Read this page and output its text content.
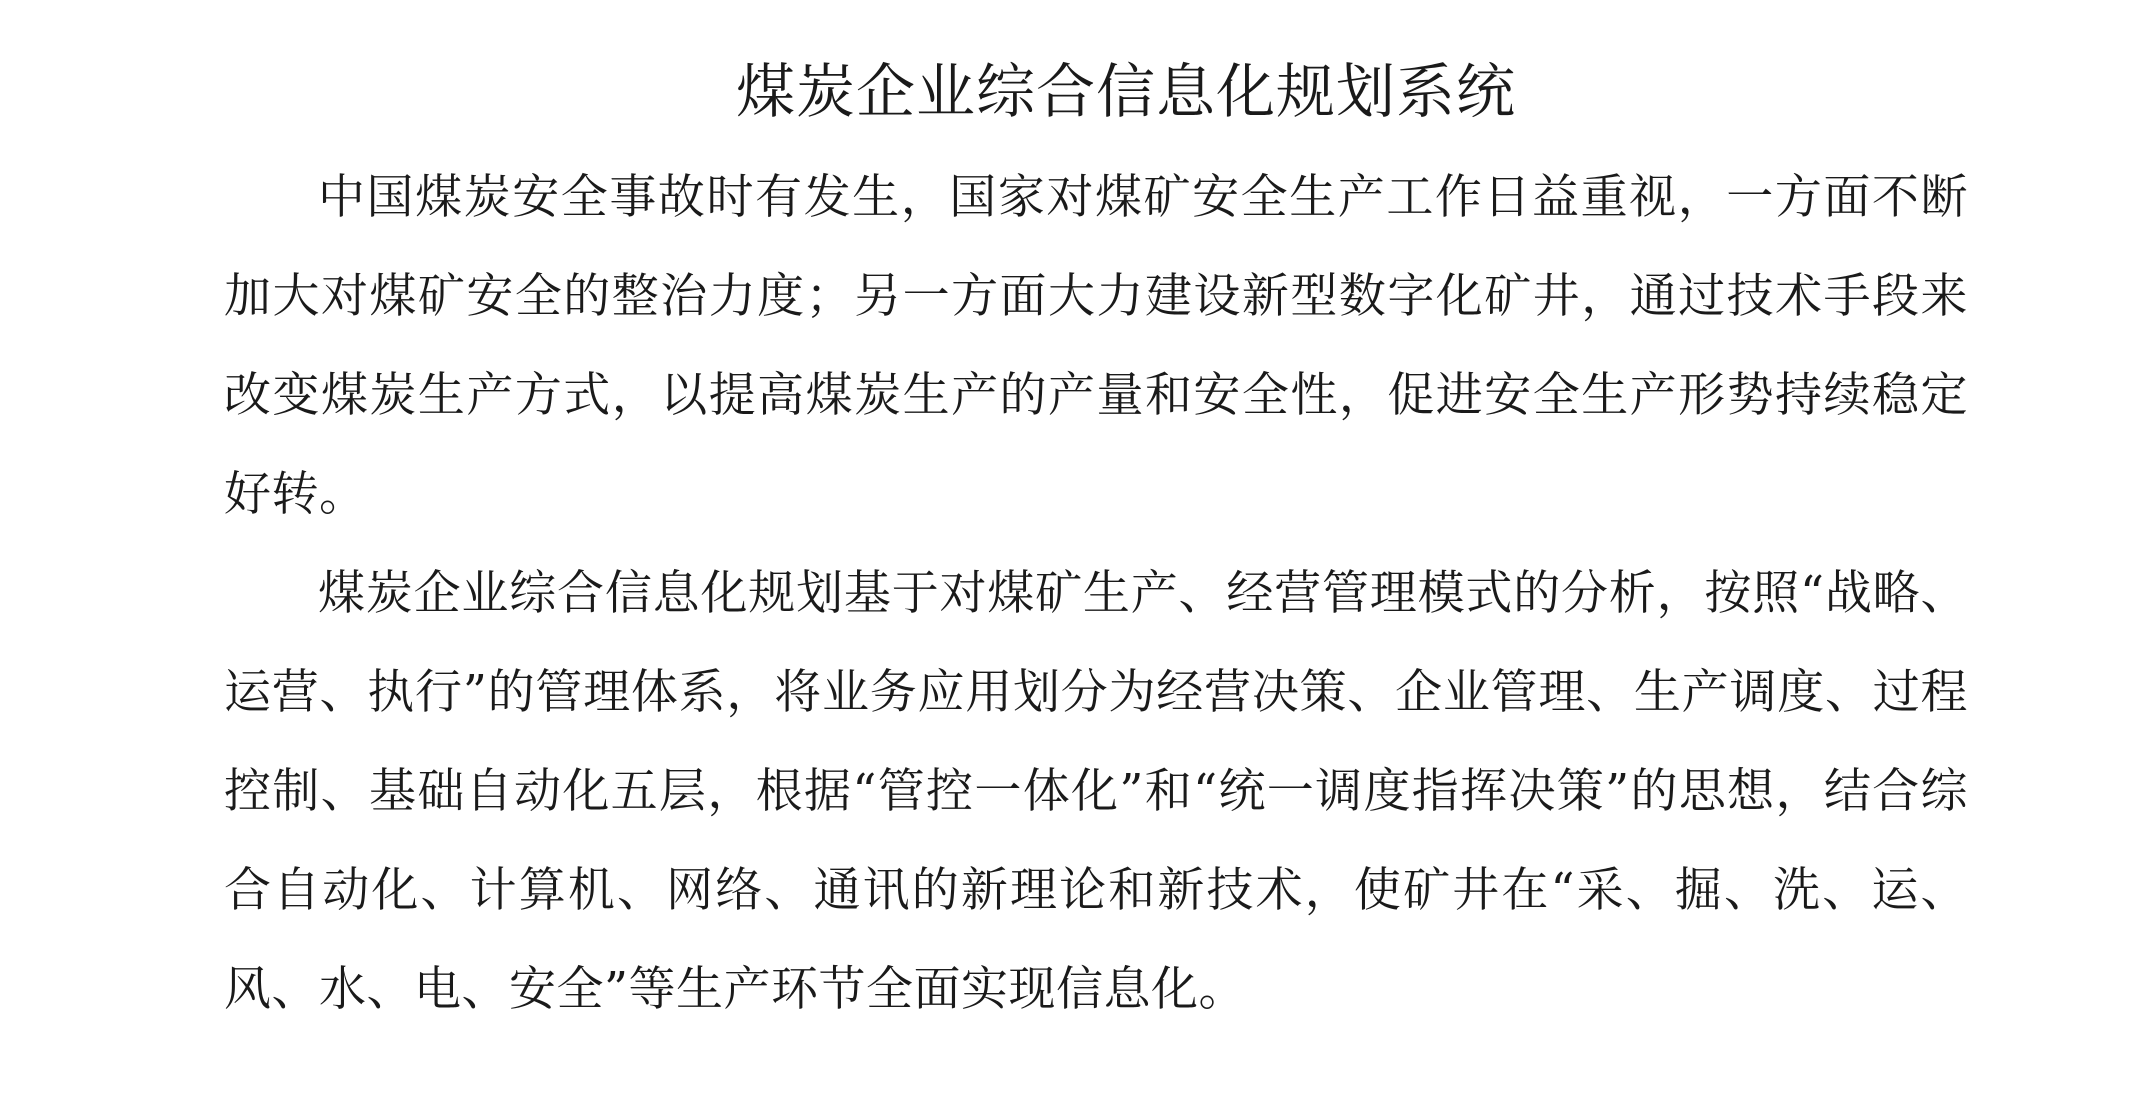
煤炭企业综合信息化规划系统

中国煤炭安全事故时有发生，国家对煤矿安全生产工作日益重视，一方面不断加大对煤矿安全的整治力度；另一方面大力建设新型数字化矿井，通过技术手段来改变煤炭生产方式，以提高煤炭生产的产量和安全性，促进安全生产形势持续稳定好转。

煤炭企业综合信息化规划基于对煤矿生产、经营管理模式的分析，按照“战略、运营、执行”的管理体系，将业务应用划分为经营决策、企业管理、生产调度、过程控制、基础自动化五层，根据“管控一体化”和“统一调度指挥决策”的思想，结合综合自动化、计算机、网络、通讯的新理论和新技术，使矿井在“采、掘、洗、运、风、水、电、安全”等生产环节全面实现信息化。
